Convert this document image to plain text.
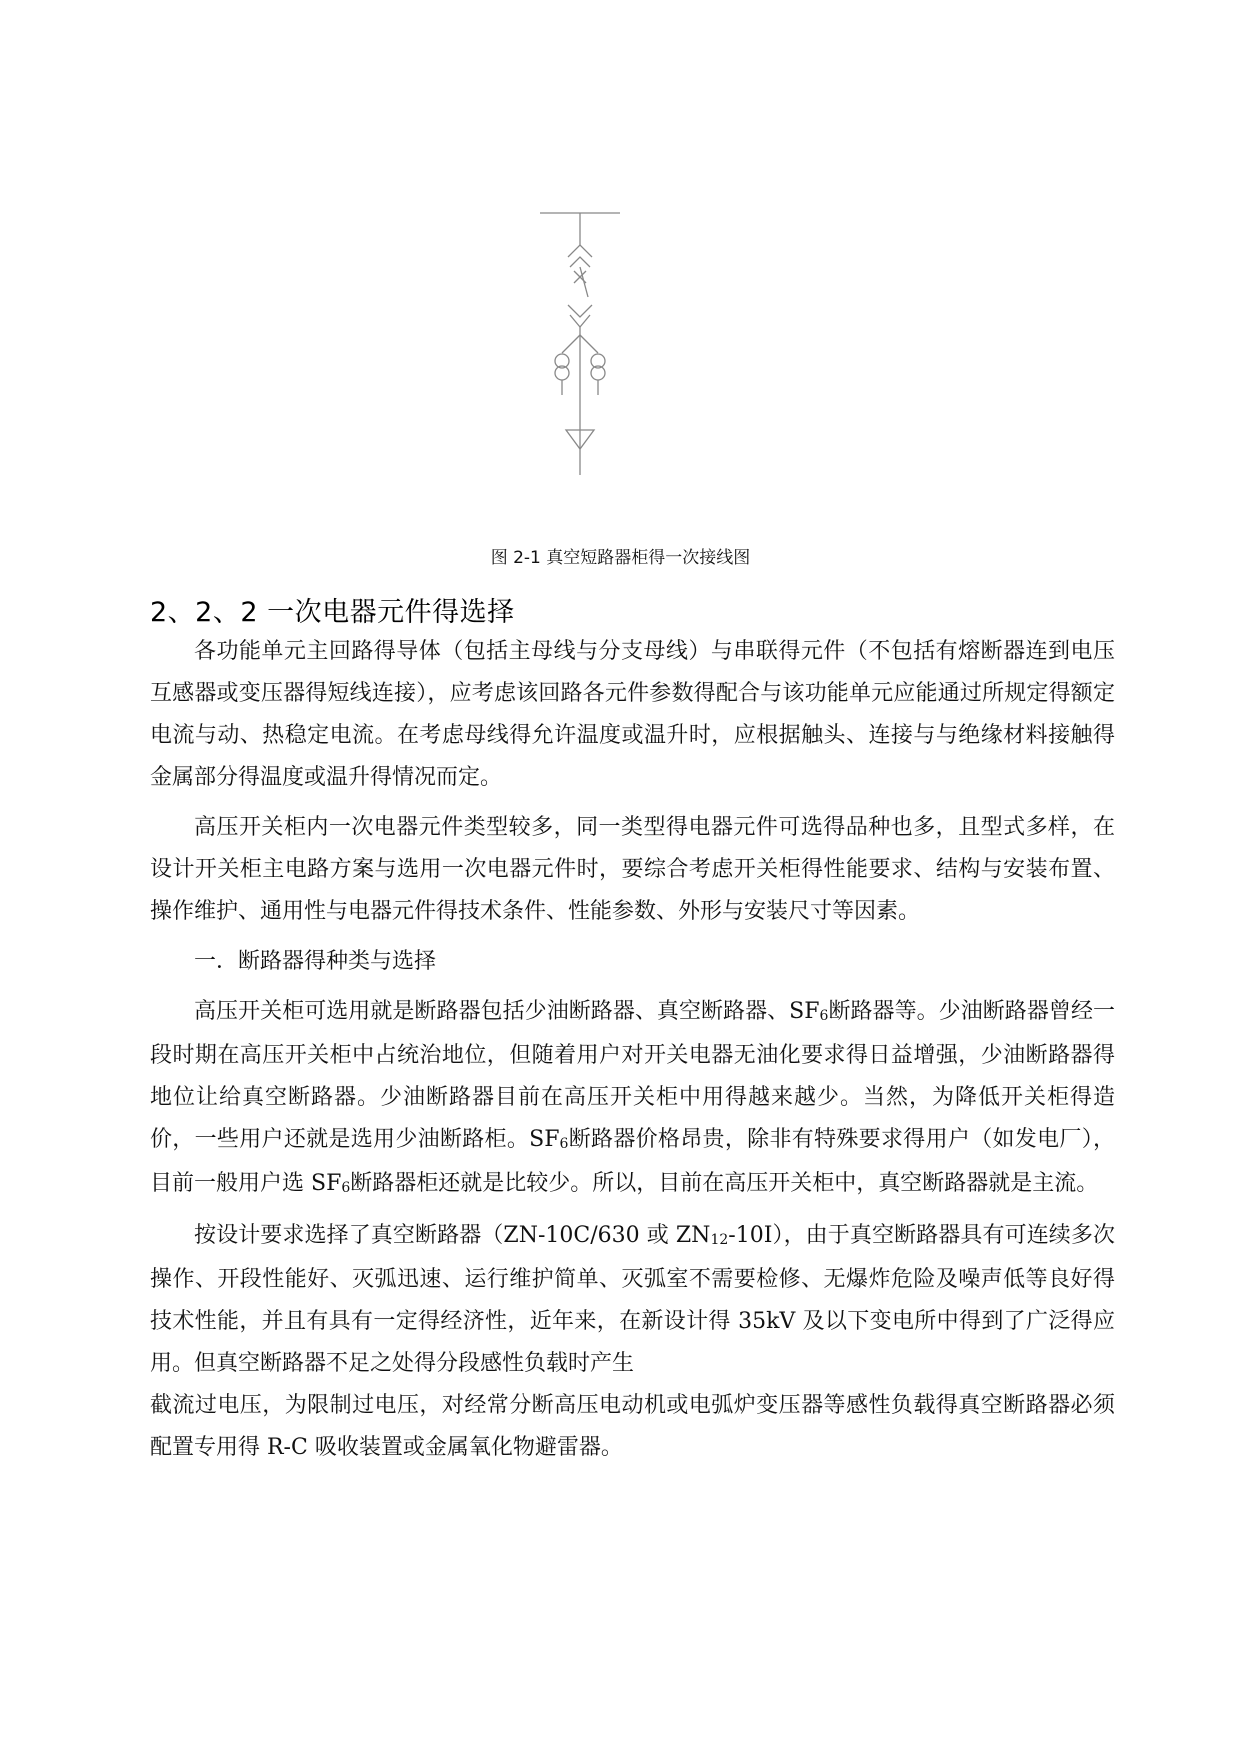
图 2-1 真空短路器柜得一次接线图
2、2、2 一次电器元件得选择

各功能单元主回路得导体（包括主母线与分支母线）与串联得元件（不包括有熔断器连到电压互感器或变压器得短线连接），应考虑该回路各元件参数得配合与该功能单元应能通过所规定得额定电流与动、热稳定电流。在考虑母线得允许温度或温升时，应根据触头、连接与与绝缘材料接触得金属部分得温度或温升得情况而定。

高压开关柜内一次电器元件类型较多，同一类型得电器元件可选得品种也多，且型式多样，在设计开关柜主电路方案与选用一次电器元件时，要综合考虑开关柜得性能要求、结构与安装布置、操作维护、通用性与电器元件得技术条件、性能参数、外形与安装尺寸等因素。

一．断路器得种类与选择

高压开关柜可选用就是断路器包括少油断路器、真空断路器、$SF_6$断路器等。少油断路器曾经一段时期在高压开关柜中占统治地位，但随着用户对开关电器无油化要求得日益增强，少油断路器得地位让给真空断路器。少油断路器目前在高压开关柜中用得越来越少。当然，为降低开关柜得造价，一些用户还就是选用少油断路柜。$SF_6$断路器价格昂贵，除非有特殊要求得用户（如发电厂），目前一般用户选 $SF_6$断路器柜还就是比较少。所以，目前在高压开关柜中，真空断路器就是主流。

按设计要求选择了真空断路器（ZN-10C/630 或 $ZN_{12}-10I$），由于真空断路器具有可连续多次操作、开段性能好、灭弧迅速、运行维护简单、灭弧室不需要检修、无爆炸危险及噪声低等良好得技术性能，并且有具有一定得经济性，近年来，在新设计得 35kV 及以下变电所中得到了广泛得应用。但真空断路器不足之处得分段感性负载时产生

截流过电压，为限制过电压，对经常分断高压电动机或电弧炉变压器等感性负载得真空断路器必须配置专用得 R-C 吸收装置或金属氧化物避雷器。
